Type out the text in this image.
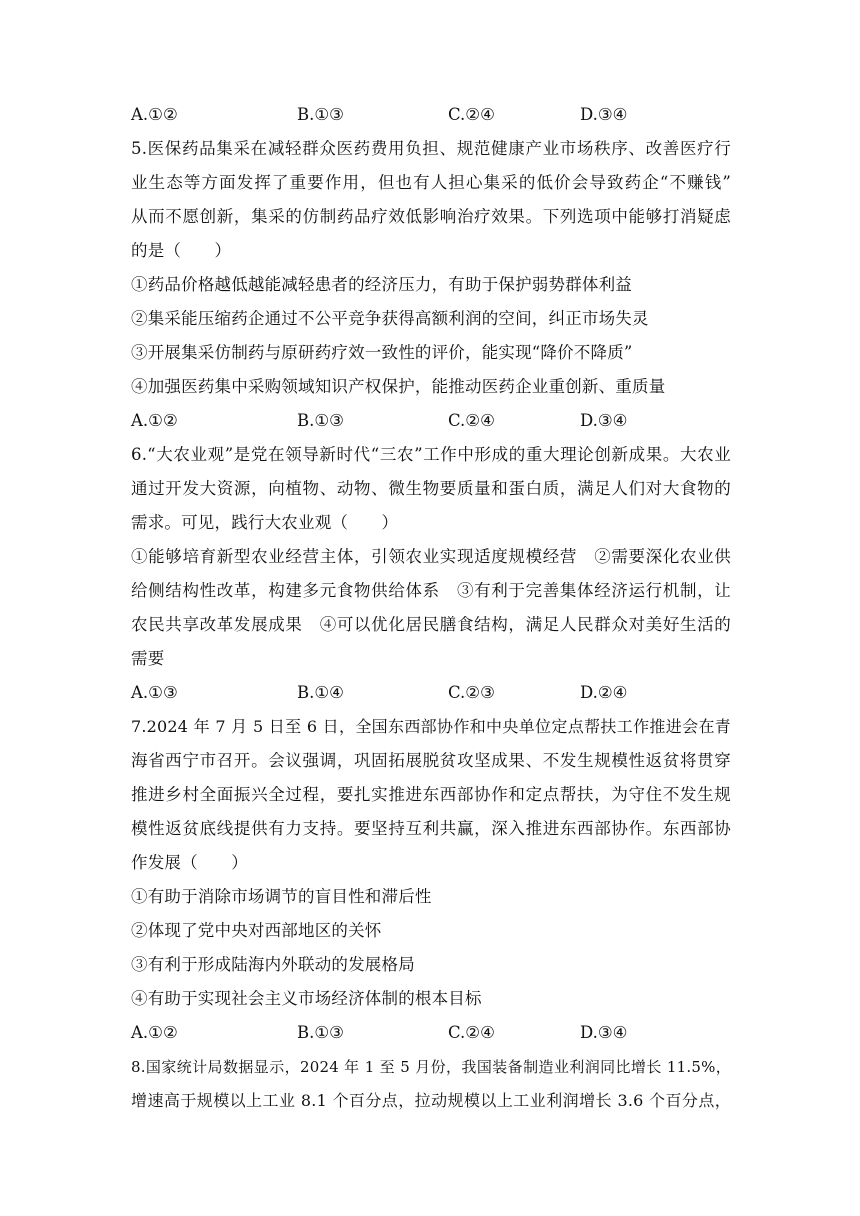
A.①②	B.①③	C.②④	D.③④
5.医保药品集采在减轻群众医药费用负担、规范健康产业市场秩序、改善医疗行
业生态等方面发挥了重要作用，但也有人担心集采的低价会导致药企“不赚钱”
从而不愿创新，集采的仿制药品疗效低影响治疗效果。下列选项中能够打消疑虑
的是（　　）
①药品价格越低越能减轻患者的经济压力，有助于保护弱势群体利益
②集采能压缩药企通过不公平竞争获得高额利润的空间，纠正市场失灵
③开展集采仿制药与原研药疗效一致性的评价，能实现“降价不降质”
④加强医药集中采购领域知识产权保护，能推动医药企业重创新、重质量
A.①②	B.①③	C.②④	D.③④
6.“大农业观”是党在领导新时代“三农”工作中形成的重大理论创新成果。大农业
通过开发大资源，向植物、动物、微生物要质量和蛋白质，满足人们对大食物的
需求。可见，践行大农业观（　　）
①能够培育新型农业经营主体，引领农业实现适度规模经营　②需要深化农业供
给侧结构性改革，构建多元食物供给体系　③有利于完善集体经济运行机制，让
农民共享改革发展成果　④可以优化居民膳食结构，满足人民群众对美好生活的
需要
A.①③	B.①④	C.②③	D.②④
7.2024 年 7 月 5 日至 6 日，全国东西部协作和中央单位定点帮扶工作推进会在青
海省西宁市召开。会议强调，巩固拓展脱贫攻坚成果、不发生规模性返贫将贯穿
推进乡村全面振兴全过程，要扎实推进东西部协作和定点帮扶，为守住不发生规
模性返贫底线提供有力支持。要坚持互利共赢，深入推进东西部协作。东西部协
作发展（　　）
①有助于消除市场调节的盲目性和滞后性
②体现了党中央对西部地区的关怀
③有利于形成陆海内外联动的发展格局
④有助于实现社会主义市场经济体制的根本目标
A.①②	B.①③	C.②④	D.③④
8.国家统计局数据显示，2024 年 1 至 5 月份，我国装备制造业利润同比增长 11.5%，
增速高于规模以上工业 8.1 个百分点，拉动规模以上工业利润增长 3.6 个百分点，
